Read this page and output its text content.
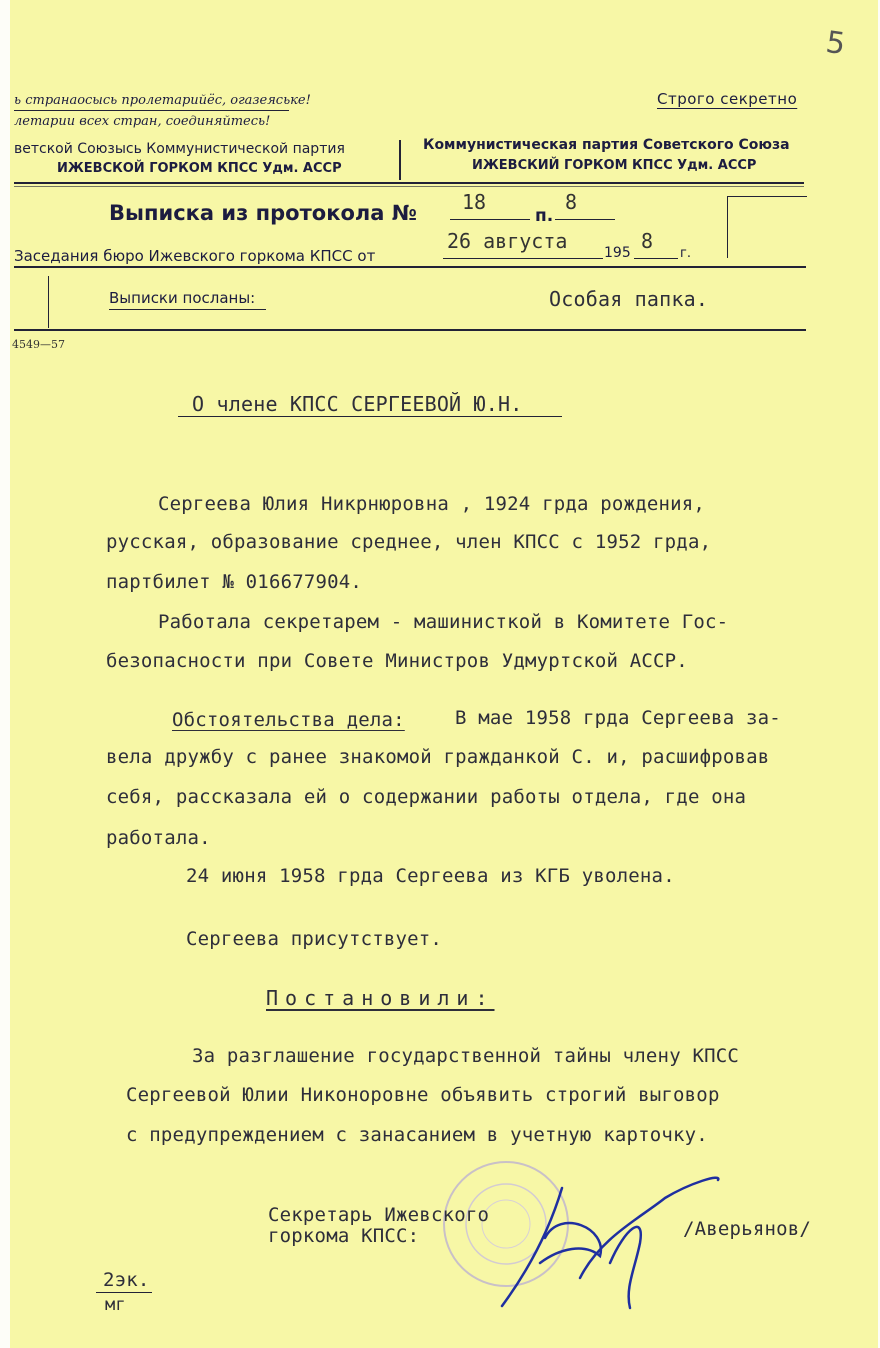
5
ь странаосысь пролетарийёс, огазеяське!
летарии всех стран, соединяйтесь!
Строго секретно
ветской Союзысь Коммунистической партия
ИЖЕВСКОЙ ГОРКОМ КПСС Удм. АССР
Коммунистическая партия Советского Союза
ИЖЕВСКИЙ ГОРКОМ КПСС Удм. АССР
Выписка из протокола № 18
п.
8
Заседания бюро Ижевского горкома КПСС от
26 августа	195 8
г.
Выписки посланы:	Особая папка.
4549—57
О члене КПСС СЕРГЕЕВОЙ Ю.Н.
Сергеева Юлия Никрнюровна , 1924 грда рождения,
русская, образование среднее, член КПСС с 1952 грда,
партбилет № 016677904.
Работала секретарем - машинисткой в Комитете Гос-
безопасности при Совете Министров Удмуртской АССР.
Обстоятельства дела:	В мае 1958 грда Сергеева за-
вела дружбу с ранее знакомой гражданкой С. и, расшифровав
себя, рассказала ей о содержании работы отдела, где она
работала.
24 июня 1958 грда Сергеева из КГБ уволена.
Сергеева присутствует.
Постановили:
За разглашение государственной тайны члену КПСС
Сергеевой Юлии Никоноровне объявить строгий выговор
с предупреждением с занасанием в учетную карточку.
Секретарь Ижевского
горкома КПСС:	/Аверьянов/
2эк.
мг
